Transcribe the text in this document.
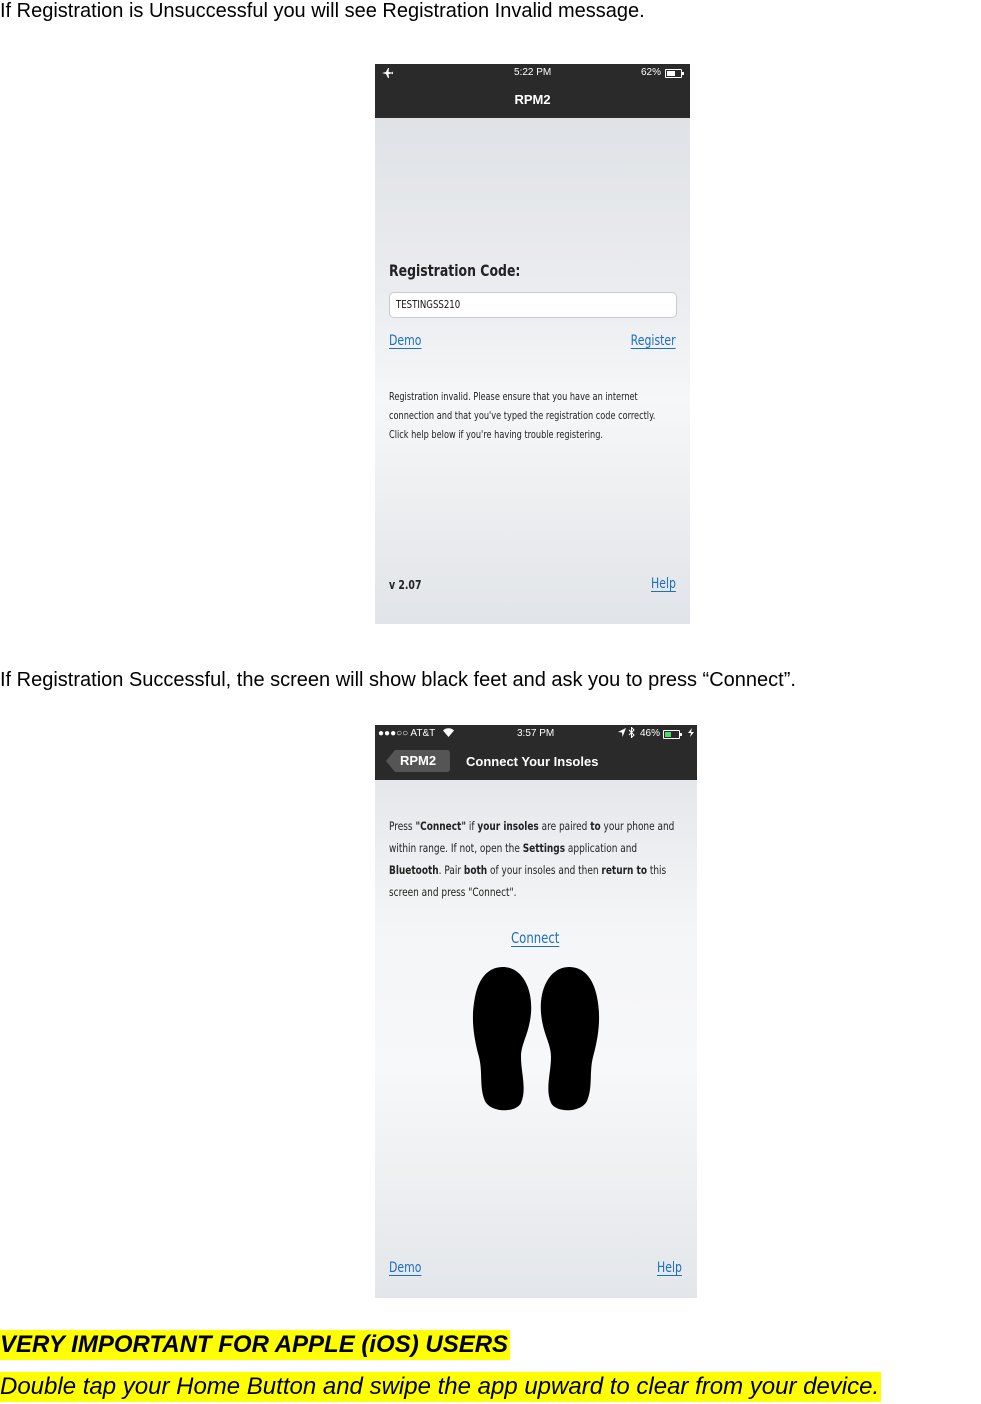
If Registration is Unsuccessful you will see Registration Invalid message.
5:22 PM	62%
RPM2
Registration Code:
TESTINGSS210
Demo	Register
Registration invalid. Please ensure that you have an internet connection and that you've typed the registration code correctly. Click help below if you're having trouble registering.
v 2.07	Help
If Registration Successful, the screen will show black feet and ask you to press “Connect”.
●●●○○ AT&T	3:57 PM	46%
RPM2	Connect Your Insoles
Press "Connect" if your insoles are paired to your phone and within range. If not, open the Settings application and Bluetooth. Pair both of your insoles and then return to this screen and press "Connect".
Connect
Demo	Help
VERY IMPORTANT FOR APPLE (iOS) USERS
Double tap your Home Button and swipe the app upward to clear from your device.
